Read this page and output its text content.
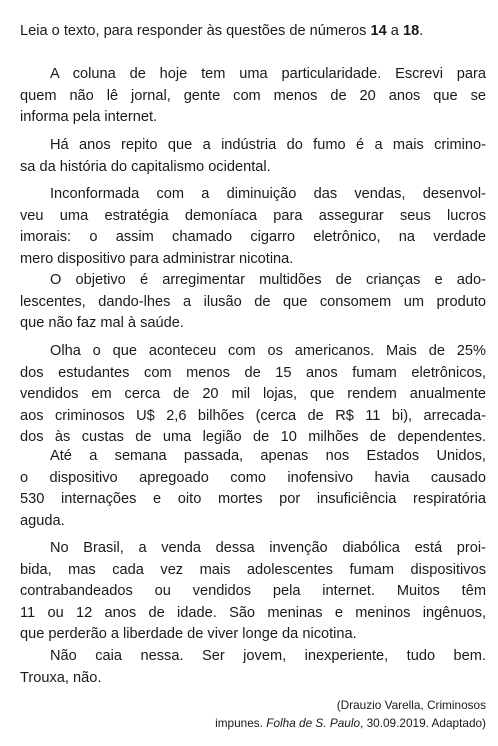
Leia o texto, para responder às questões de números 14 a 18.
A coluna de hoje tem uma particularidade. Escrevi para
quem não lê jornal, gente com menos de 20 anos que se
informa pela internet.
Há anos repito que a indústria do fumo é a mais crimino-
sa da história do capitalismo ocidental.
Inconformada com a diminuição das vendas, desenvol-
veu uma estratégia demoníaca para assegurar seus lucros
imorais: o assim chamado cigarro eletrônico, na verdade
mero dispositivo para administrar nicotina.
O objetivo é arregimentar multidões de crianças e ado-
lescentes, dando-lhes a ilusão de que consomem um produto
que não faz mal à saúde.
Olha o que aconteceu com os americanos. Mais de 25%
dos estudantes com menos de 15 anos fumam eletrônicos,
vendidos em cerca de 20 mil lojas, que rendem anualmente
aos criminosos U$ 2,6 bilhões (cerca de R$ 11 bi), arrecada-
dos às custas de uma legião de 10 milhões de dependentes.
Até a semana passada, apenas nos Estados Unidos,
o dispositivo apregoado como inofensivo havia causado
530 internações e oito mortes por insuficiência respiratória
aguda.
No Brasil, a venda dessa invenção diabólica está proi-
bida, mas cada vez mais adolescentes fumam dispositivos
contrabandeados ou vendidos pela internet. Muitos têm
11 ou 12 anos de idade. São meninas e meninos ingênuos,
que perderão a liberdade de viver longe da nicotina.
Não caia nessa. Ser jovem, inexperiente, tudo bem.
Trouxa, não.
(Drauzio Varella, Criminosos
impunes. Folha de S. Paulo, 30.09.2019. Adaptado)
